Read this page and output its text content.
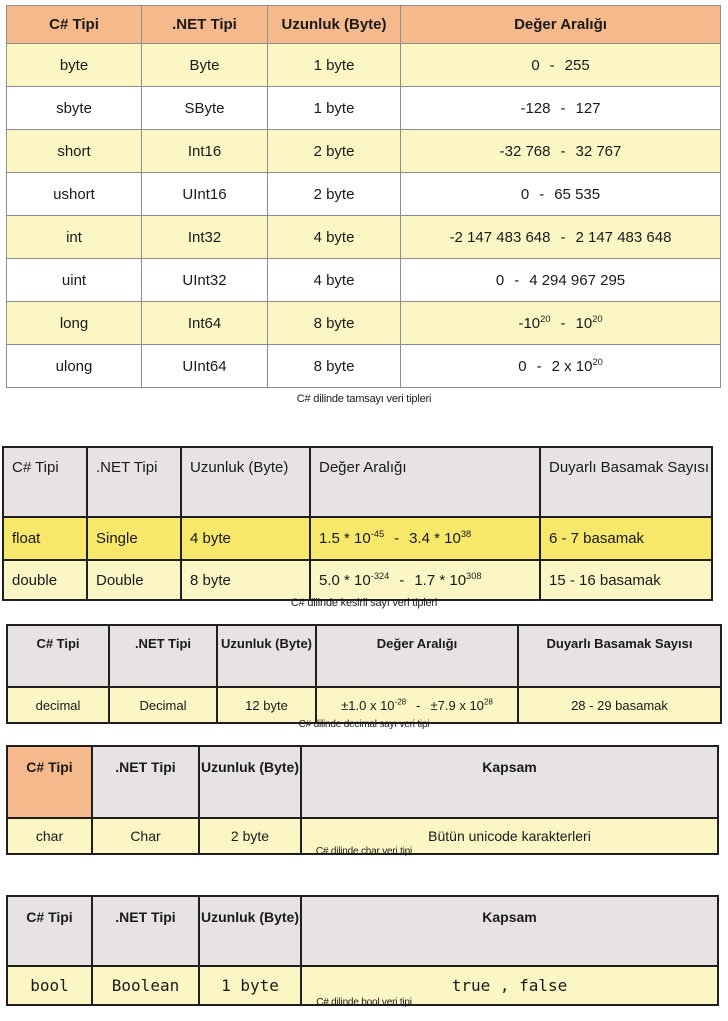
C# Tipi	.NET Tipi	Uzunluk (Byte)	Değer Aralığı
byte	Byte	1 byte	0 - 255
sbyte	SByte	1 byte	-128 - 127
short	Int16	2 byte	-32 768 - 32 767
ushort	UInt16	2 byte	0 - 65 535
int	Int32	4 byte	-2 147 483 648 - 2 147 483 648
uint	UInt32	4 byte	0 - 4 294 967 295
long	Int64	8 byte	$-10^{20} - 10^{20}$
ulong	UInt64	8 byte	0 - 2 x $10^{20}$
C# dilinde tamsayı veri tipleri
C# Tipi	.NET Tipi	Uzunluk (Byte)	Değer Aralığı	Duyarlı Basamak Sayısı
float	Single	4 byte	$1.5 * 10^{-45} - 3.4 * 10^{38}$	6 - 7 basamak
double	Double	8 byte	$5.0 * 10^{-324} - 1.7 * 10^{308}$	15 - 16 basamak
C# dilinde kesirli sayı veri tipleri
C# Tipi	.NET Tipi	Uzunluk (Byte)	Değer Aralığı	Duyarlı Basamak Sayısı
decimal	Decimal	12 byte	±1.0 x $10^{-28} - \pm 7.9$ x $10^{28}$	28 - 29 basamak
C# dilinde decimal sayı veri tipi
C# Tipi	.NET Tipi	Uzunluk (Byte)	Kapsam
char	Char	2 byte	Bütün unicode karakterleri
C# dilinde char veri tipi
C# Tipi	.NET Tipi	Uzunluk (Byte)	Kapsam
bool	Boolean	1 byte	true , false
C# dilinde bool veri tipi
